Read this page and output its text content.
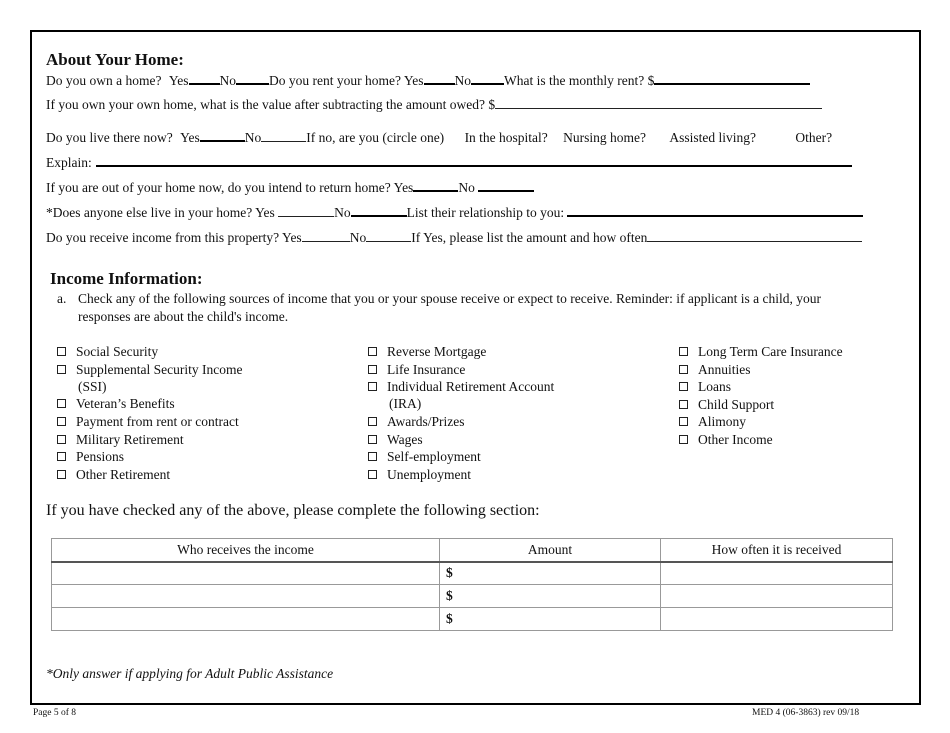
About Your Home:
Do you own a home? Yes No Do you rent your home? Yes No What is the monthly rent? $
If you own your own home, what is the value after subtracting the amount owed? $
Do you live there now? Yes	No	If no, are you (circle one) In the hospital? Nursing home? Assisted living?	Other?
Explain:
If you are out of your home now, do you intend to return home? Yes	No
*Does anyone else live in your home? Yes	No	List their relationship to you:
Do you receive income from this property? Yes	No	If Yes, please list the amount and how often
Income Information:
a. Check any of the following sources of income that you or your spouse receive or expect to receive. Reminder: if applicant is a child, your
responses are about the child's income.
Social Security
Supplemental Security Income
(SSI)
Veteran’s Benefits
Payment from rent or contract
Military Retirement
Pensions
Other Retirement
Reverse Mortgage
Life Insurance
Individual Retirement Account
(IRA)
Awards/Prizes
Wages
Self-employment
Unemployment
Long Term Care Insurance
Annuities
Loans
Child Support
Alimony
Other Income
If you have checked any of the above, please complete the following section:
Who receives the income	Amount	How often it is received
	$	
	$	
	$	
*Only answer if applying for Adult Public Assistance
Page 5 of 8	MED 4 (06-3863) rev 09/18
